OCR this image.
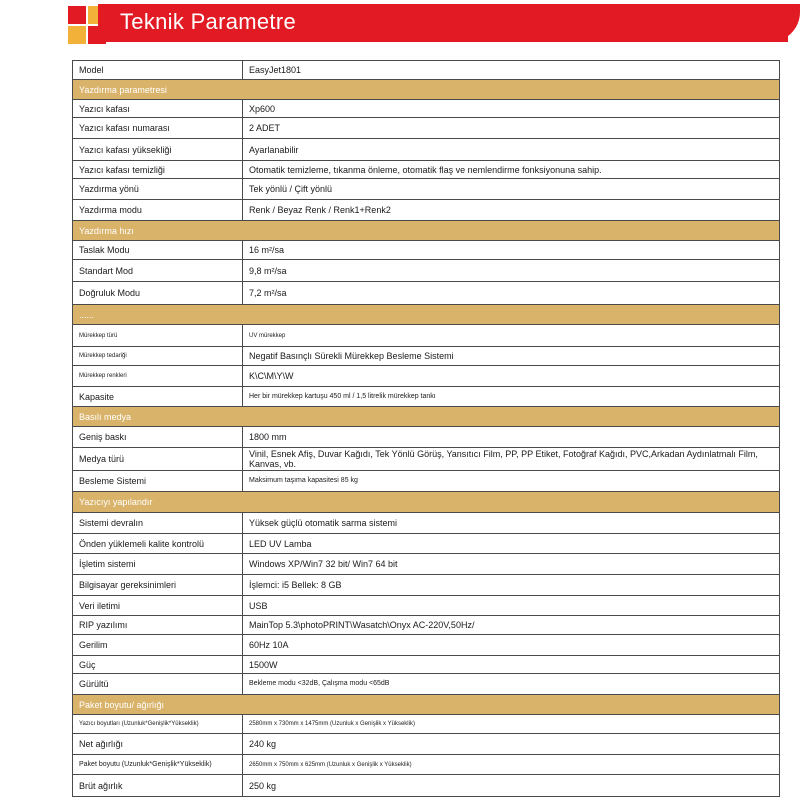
Teknik Parametre
Model	EasyJet1801
Yazdırma parametresi	
Yazıcı kafası	Xp600
Yazıcı kafası numarası	2 ADET
Yazıcı kafası yüksekliği	Ayarlanabilir
Yazıcı kafası temizliği	Otomatik temizleme, tıkanma önleme, otomatik flaş ve nemlendirme fonksiyonuna sahip.
Yazdırma yönü	Tek yönlü / Çift yönlü
Yazdırma modu	Renk / Beyaz Renk / Renk1+Renk2
Yazdırma hızı	
Taslak Modu	16 m²/sa
Standart Mod	9,8 m²/sa
Doğruluk Modu	7,2 m²/sa
......	
Mürekkep türü	UV mürekkep
Mürekkep tedariği	Negatif Basınçlı Sürekli Mürekkep Besleme Sistemi
Mürekkep renkleri	K\C\M\Y\W
Kapasite	Her bir mürekkep kartuşu 450 ml / 1,5 litrelik mürekkep tankı
Basılı medya	
Geniş baskı	1800 mm
Medya türü	Vinil, Esnek Afiş, Duvar Kağıdı, Tek Yönlü Görüş, Yansıtıcı Film, PP, PP Etiket, Fotoğraf Kağıdı, PVC,Arkadan Aydınlatmalı Film, Kanvas, vb.
Besleme Sistemi	Maksimum taşıma kapasitesi 85 kg
Yazıcıyı yapılandır	
Sistemi devralın	Yüksek güçlü otomatik sarma sistemi
Önden yüklemeli kalite kontrolü	LED UV Lamba
İşletim sistemi	Windows XP/Win7 32 bit/ Win7 64 bit
Bilgisayar gereksinimleri	İşlemci: i5 Bellek: 8 GB
Veri iletimi	USB
RIP yazılımı	MainTop 5.3\photoPRINT\Wasatch\Onyx AC-220V,50Hz/
Gerilim	60Hz 10A
Güç	1500W
Gürültü	Bekleme modu <32dB, Çalışma modu <65dB
Paket boyutu/ ağırlığı	
Yazıcı boyutları (Uzunluk*Genişlik*Yükseklik)	2580mm x 730mm x 1475mm (Uzunluk x Genişlik x Yükseklik)
Net ağırlığı	240 kg
Paket boyutu (Uzunluk*Genişlik*Yükseklik)	2650mm x 750mm x 625mm (Uzunluk x Genişlik x Yükseklik)
Brüt ağırlık	250 kg
